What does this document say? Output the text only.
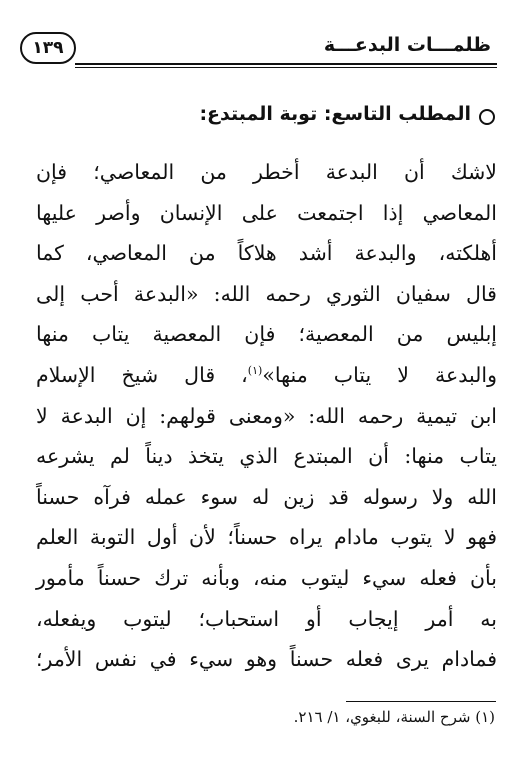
١٣٩	ظلمـــات البدعـــة
المطلب التاسع: توبة المبتدع:
لاشك أن البدعة أخطر من المعاصي؛ فإن
المعاصي إذا اجتمعت على الإنسان وأصر عليها
أهلكته، والبدعة أشد هلاكاً من المعاصي، كما
قال سفيان الثوري رحمه الله: «البدعة أحب إلى
إبليس من المعصية؛ فإن المعصية يتاب منها
والبدعة لا يتاب منها»$^{(١)}$، قال شيخ الإسلام
ابن تيمية رحمه الله: «ومعنى قولهم: إن البدعة لا
يتاب منها: أن المبتدع الذي يتخذ ديناً لم يشرعه
الله ولا رسوله قد زين له سوء عمله فرآه حسناً
فهو لا يتوب مادام يراه حسناً؛ لأن أول التوبة العلم
بأن فعله سيء ليتوب منه، وبأنه ترك حسناً مأمور
به أمر إيجاب أو استحباب؛ ليتوب ويفعله،
فمادام يرى فعله حسناً وهو سيء في نفس الأمر؛
(١) شرح السنة، للبغوي، ١/ ٢١٦.
